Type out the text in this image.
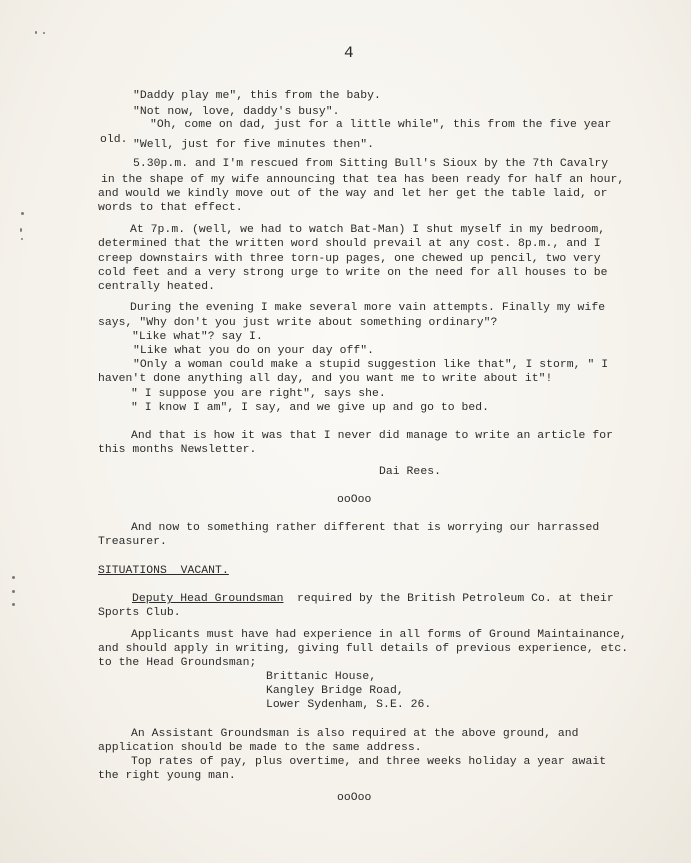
4
"Daddy play me", this from the baby.
"Not now, love, daddy's busy".
"Oh, come on dad, just for a little while", this from the five year
old. "Well, just for five minutes then".
5.30p.m. and I'm rescued from Sitting Bull's Sioux by the 7th Cavalry
in the shape of my wife announcing that tea has been ready for half an hour,
and would we kindly move out of the way and let her get the table laid, or
words to that effect.
At 7p.m. (well, we had to watch Bat-Man) I shut myself in my bedroom,
determined that the written word should prevail at any cost. 8p.m., and I
creep downstairs with three torn-up pages, one chewed up pencil, two very
cold feet and a very strong urge to write on the need for all houses to be
centrally heated.
During the evening I make several more vain attempts. Finally my wife
says, "Why don't you just write about something ordinary"?
"Like what"? say I.
"Like what you do on your day off".
"Only a woman could make a stupid suggestion like that", I storm, " I
haven't done anything all day, and you want me to write about it"!
" I suppose you are right", says she.
" I know I am", I say, and we give up and go to bed.
And that is how it was that I never did manage to write an article for
this months Newsletter.
Dai Rees.
ooOoo
And now to something rather different that is worrying our harrassed
Treasurer.
SITUATIONS  VACANT.
Deputy Head Groundsman required by the British Petroleum Co. at their
Sports Club.
Applicants must have had experience in all forms of Ground Maintainance,
and should apply in writing, giving full details of previous experience, etc.
to the Head Groundsman;
Brittanic House,
Kangley Bridge Road,
Lower Sydenham, S.E. 26.
An Assistant Groundsman is also required at the above ground, and
application should be made to the same address.
Top rates of pay, plus overtime, and three weeks holiday a year await
the right young man.
ooOoo
